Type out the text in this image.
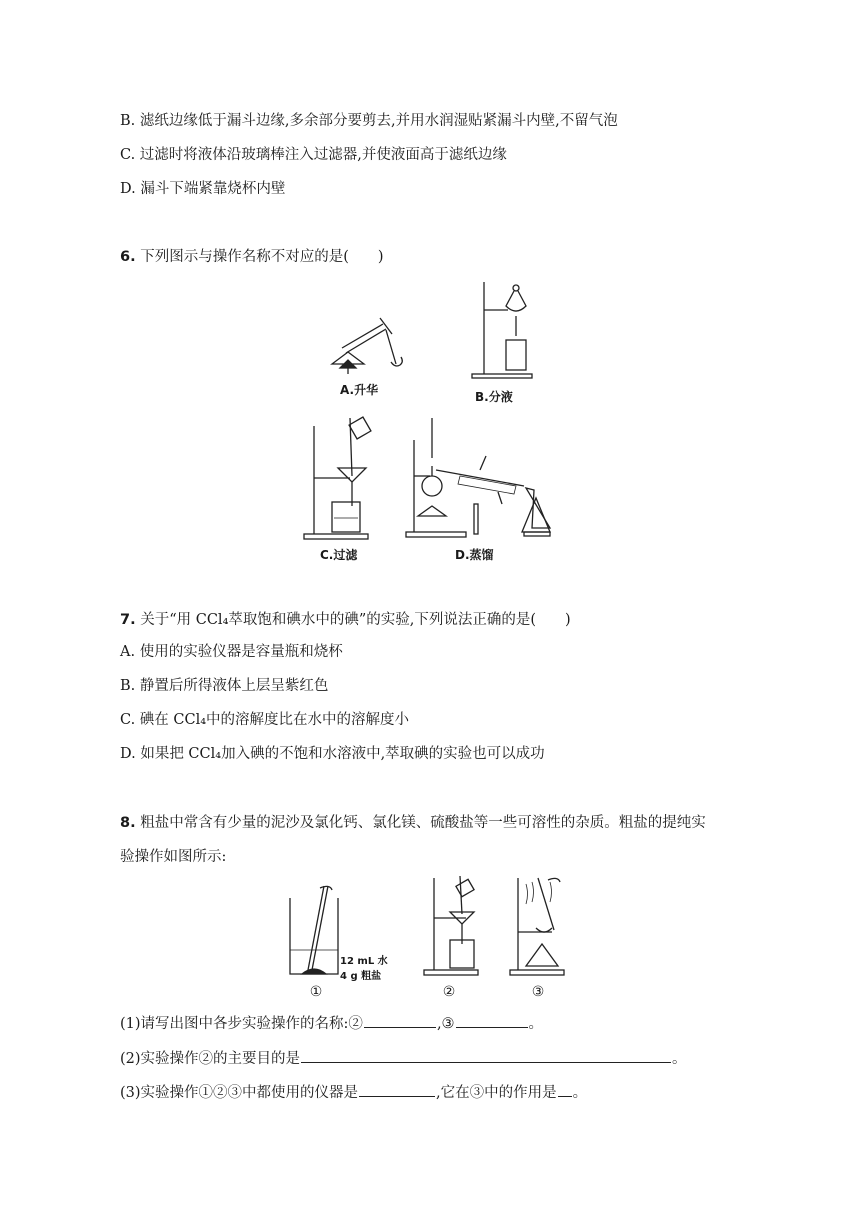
B. 滤纸边缘低于漏斗边缘,多余部分要剪去,并用水润湿贴紧漏斗内壁,不留气泡
C. 过滤时将液体沿玻璃棒注入过滤器,并使液面高于滤纸边缘
D. 漏斗下端紧靠烧杯内壁
6. 下列图示与操作名称不对应的是(　　)
A.升华	B.分液
C.过滤	D.蒸馏
7. 关于“用 CCl₄萃取饱和碘水中的碘”的实验,下列说法正确的是(　　)
A. 使用的实验仪器是容量瓶和烧杯
B. 静置后所得液体上层呈紫红色
C. 碘在 CCl₄中的溶解度比在水中的溶解度小
D. 如果把 CCl₄加入碘的不饱和水溶液中,萃取碘的实验也可以成功
8. 粗盐中常含有少量的泥沙及氯化钙、氯化镁、硫酸盐等一些可溶性的杂质。粗盐的提纯实
验操作如图所示:
12 mL 水
4 g 粗盐
①	②	③
(1)请写出图中各步实验操作的名称:②	,③	。
(2)实验操作②的主要目的是	。
(3)实验操作①②③中都使用的仪器是	,它在③中的作用是 。
